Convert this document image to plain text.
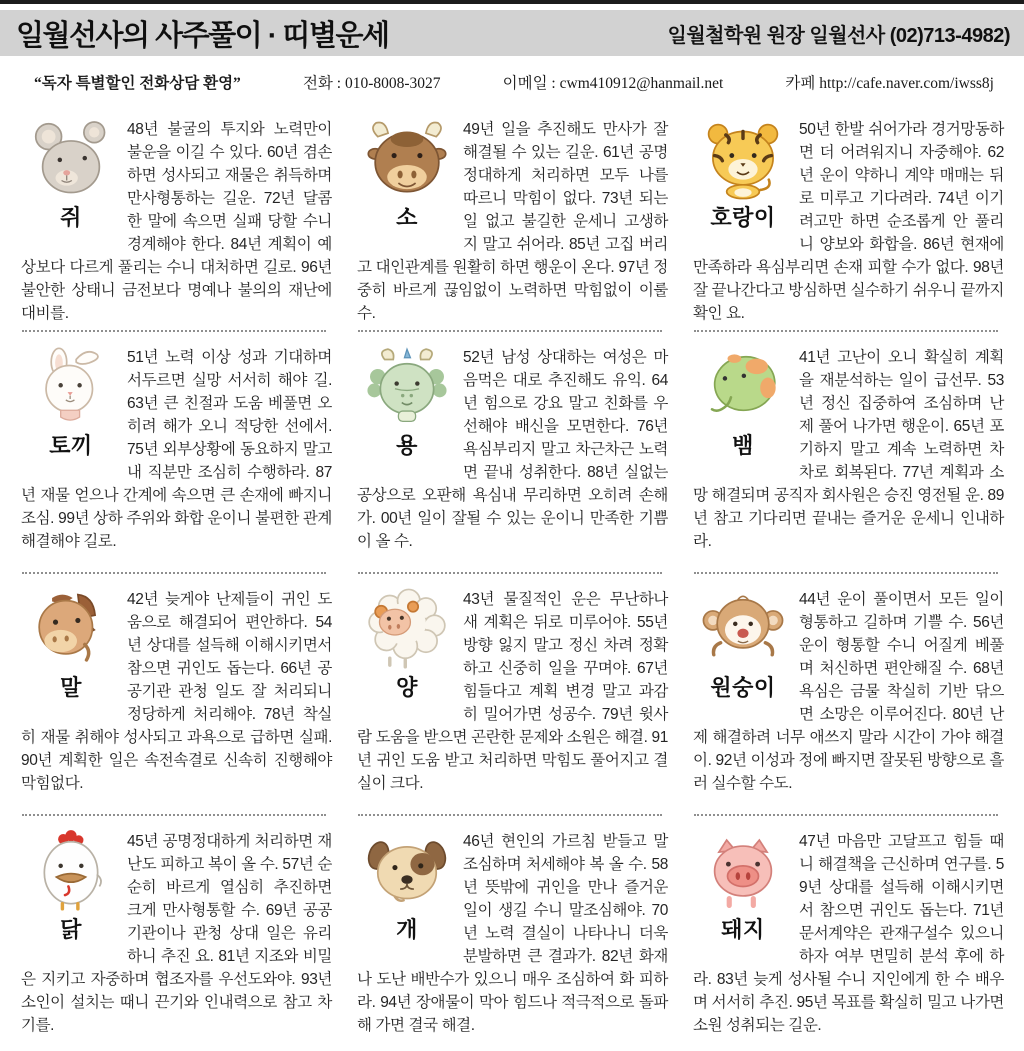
일월선사의 사주풀이 · 띠별운세	일월철학원 원장 일월선사 (02)713-4982)
“독자 특별할인 전화상담 환영”	전화 : 010-8008-3027	이메일 : cwm410912@hanmail.net	카페 http://cafe.naver.com/iwss8j
쥐

48년 불굴의 투지와 노력만이 불운을 이길 수 있다. 60년 겸손하면 성사되고 재물은 취득하며 만사형통하는 길운. 72년 달콤한 말에 속으면 실패 당할 수니 경계해야 한다. 84년 계획이 예상보다 다르게 풀리는 수니 대처하면 길로. 96년 불안한 상태니 금전보다 명예나 불의의 재난에 대비를.

소

49년 일을 추진해도 만사가 잘 해결될 수 있는 길운. 61년 공명정대하게 처리하면 모두 나를 따르니 막힘이 없다. 73년 되는 일 없고 불길한 운세니 고생하지 말고 쉬어라. 85년 고집 버리고 대인관계를 원활히 하면 행운이 온다. 97년 정중히 바르게 끊임없이 노력하면 막힘없이 이룰 수.

호랑이

50년 한발 쉬어가라 경거망동하면 더 어려워지니 자중해야. 62년 운이 약하니 계약 매매는 뒤로 미루고 기다려라. 74년 이기려고만 하면 순조롭게 안 풀리니 양보와 화합을. 86년 현재에 만족하라 욕심부리면 손재 피할 수가 없다. 98년 잘 끝나간다고 방심하면 실수하기 쉬우니 끝까지 확인 요.

토끼

51년 노력 이상 성과 기대하며 서두르면 실망 서서히 해야 길. 63년 큰 친절과 도움 베풀면 오히려 해가 오니 적당한 선에서. 75년 외부상황에 동요하지 말고 내 직분만 조심히 수행하라. 87년 재물 얻으나 간계에 속으면 큰 손재에 빠지니 조심. 99년 상하 주위와 화합 운이니 불편한 관계 해결해야 길로.

용

52년 남성 상대하는 여성은 마음먹은 대로 추진해도 유익. 64년 힘으로 강요 말고 친화를 우선해야 배신을 모면한다. 76년 욕심부리지 말고 차근차근 노력 면 끝내 성취한다. 88년 실없는 공상으로 오판해 욕심내 무리하면 오히려 손해가. 00년 일이 잘될 수 있는 운이니 만족한 기쁨이 올 수.

뱀

41년 고난이 오니 확실히 계획을 재분석하는 일이 급선무. 53년 정신 집중하여 조심하며 난제 풀어 나가면 행운이. 65년 포기하지 말고 계속 노력하면 차차로 회복된다. 77년 계획과 소망 해결되며 공직자 회사원은 승진 영전될 운. 89년 참고 기다리면 끝내는 즐거운 운세니 인내하라.

말

42년 늦게야 난제들이 귀인 도움으로 해결되어 편안하다. 54년 상대를 설득해 이해시키면서 참으면 귀인도 돕는다. 66년 공공기관 관청 일도 잘 처리되니 정당하게 처리해야. 78년 착실히 재물 취해야 성사되고 과욕으로 급하면 실패. 90년 계획한 일은 속전속결로 신속히 진행해야 막힘없다.

양

43년 물질적인 운은 무난하나 새 계획은 뒤로 미루어야. 55년 방향 잃지 말고 정신 차려 정확하고 신중히 일을 꾸며야. 67년 힘들다고 계획 변경 말고 과감히 밀어가면 성공수. 79년 윗사람 도움을 받으면 곤란한 문제와 소원은 해결. 91년 귀인 도움 받고 처리하면 막힘도 풀어지고 결실이 크다.

원숭이

44년 운이 풀이면서 모든 일이 형통하고 길하며 기쁠 수. 56년 운이 형통할 수니 어질게 베풀며 처신하면 편안해질 수. 68년 욕심은 금물 착실히 기반 닦으면 소망은 이루어진다. 80년 난제 해결하려 너무 애쓰지 말라 시간이 가야 해결이. 92년 이성과 정에 빠지면 잘못된 방향으로 흘러 실수할 수도.

닭

45년 공명정대하게 처리하면 재난도 피하고 복이 올 수. 57년 순순히 바르게 열심히 추진하면 크게 만사형통할 수. 69년 공공기관이나 관청 상대 일은 유리하니 추진 요. 81년 지조와 비밀은 지키고 자중하며 협조자를 우선도와야. 93년 소인이 설치는 때니 끈기와 인내력으로 참고 차기를.

개

46년 현인의 가르침 받들고 말조심하며 처세해야 복 올 수. 58년 뜻밖에 귀인을 만나 즐거운 일이 생길 수니 말조심해야. 70년 노력 결실이 나타나니 더욱 분발하면 큰 결과가. 82년 화재나 도난 배반수가 있으니 매우 조심하여 화 피하라. 94년 장애물이 막아 힘드나 적극적으로 돌파해 가면 결국 해결.

돼지

47년 마음만 고달프고 힘들 때니 해결책을 근신하며 연구를. 59년 상대를 설득해 이해시키면서 참으면 귀인도 돕는다. 71년 문서계약은 관재구설수 있으니 하자 여부 면밀히 분석 후에 하라. 83년 늦게 성사될 수니 지인에게 한 수 배우며 서서히 추진. 95년 목표를 확실히 밀고 나가면 소원 성취되는 길운.
